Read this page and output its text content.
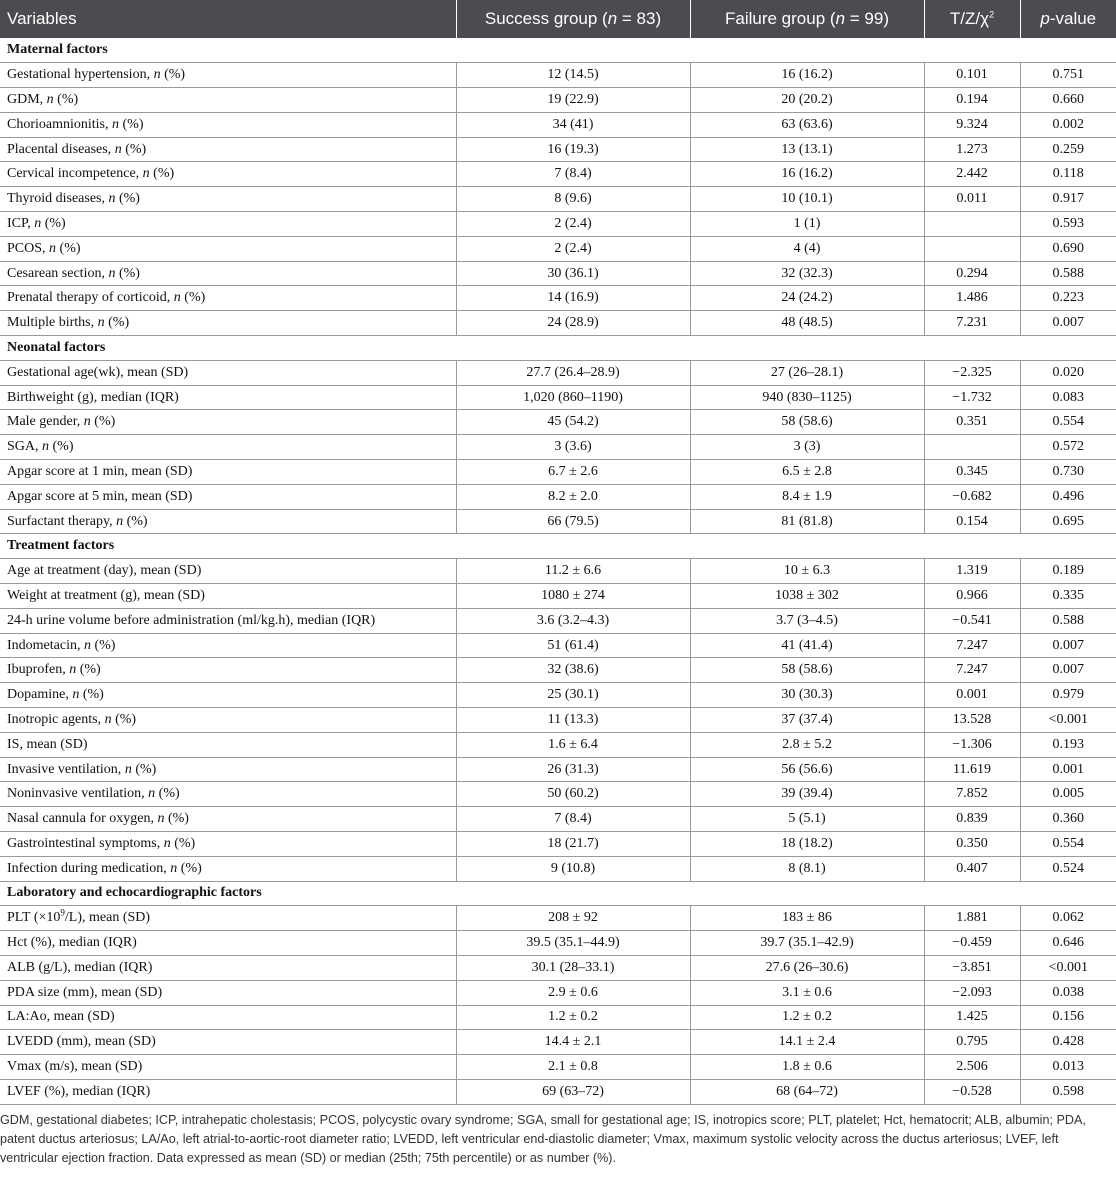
Variables	Success group (n = 83)	Failure group (n = 99)	$T/Z/\chi^2$	p-value
Maternal factors				
Gestational hypertension, n (%)	12 (14.5)	16 (16.2)	0.101	0.751
GDM, n (%)	19 (22.9)	20 (20.2)	0.194	0.660
Chorioamnionitis, n (%)	34 (41)	63 (63.6)	9.324	0.002
Placental diseases, n (%)	16 (19.3)	13 (13.1)	1.273	0.259
Cervical incompetence, n (%)	7 (8.4)	16 (16.2)	2.442	0.118
Thyroid diseases, n (%)	8 (9.6)	10 (10.1)	0.011	0.917
ICP, n (%)	2 (2.4)	1 (1)		0.593
PCOS, n (%)	2 (2.4)	4 (4)		0.690
Cesarean section, n (%)	30 (36.1)	32 (32.3)	0.294	0.588
Prenatal therapy of corticoid, n (%)	14 (16.9)	24 (24.2)	1.486	0.223
Multiple births, n (%)	24 (28.9)	48 (48.5)	7.231	0.007
Neonatal factors				
Gestational age(wk), mean (SD)	27.7 (26.4–28.9)	27 (26–28.1)	−2.325	0.020
Birthweight (g), median (IQR)	1,020 (860–1190)	940 (830–1125)	−1.732	0.083
Male gender, n (%)	45 (54.2)	58 (58.6)	0.351	0.554
SGA, n (%)	3 (3.6)	3 (3)		0.572
Apgar score at 1 min, mean (SD)	6.7 ± 2.6	6.5 ± 2.8	0.345	0.730
Apgar score at 5 min, mean (SD)	8.2 ± 2.0	8.4 ± 1.9	−0.682	0.496
Surfactant therapy, n (%)	66 (79.5)	81 (81.8)	0.154	0.695
Treatment factors				
Age at treatment (day), mean (SD)	11.2 ± 6.6	10 ± 6.3	1.319	0.189
Weight at treatment (g), mean (SD)	1080 ± 274	1038 ± 302	0.966	0.335
24-h urine volume before administration (ml/kg.h), median (IQR)	3.6 (3.2–4.3)	3.7 (3–4.5)	−0.541	0.588
Indometacin, n (%)	51 (61.4)	41 (41.4)	7.247	0.007
Ibuprofen, n (%)	32 (38.6)	58 (58.6)	7.247	0.007
Dopamine, n (%)	25 (30.1)	30 (30.3)	0.001	0.979
Inotropic agents, n (%)	11 (13.3)	37 (37.4)	13.528	<0.001
IS, mean (SD)	1.6 ± 6.4	2.8 ± 5.2	−1.306	0.193
Invasive ventilation, n (%)	26 (31.3)	56 (56.6)	11.619	0.001
Noninvasive ventilation, n (%)	50 (60.2)	39 (39.4)	7.852	0.005
Nasal cannula for oxygen, n (%)	7 (8.4)	5 (5.1)	0.839	0.360
Gastrointestinal symptoms, n (%)	18 (21.7)	18 (18.2)	0.350	0.554
Infection during medication, n (%)	9 (10.8)	8 (8.1)	0.407	0.524
Laboratory and echocardiographic factors				
PLT $(\times 10^9/L)$, mean (SD)	208 ± 92	183 ± 86	1.881	0.062
Hct (%), median (IQR)	39.5 (35.1–44.9)	39.7 (35.1–42.9)	−0.459	0.646
ALB (g/L), median (IQR)	30.1 (28–33.1)	27.6 (26–30.6)	−3.851	<0.001
PDA size (mm), mean (SD)	2.9 ± 0.6	3.1 ± 0.6	−2.093	0.038
LA:Ao, mean (SD)	1.2 ± 0.2	1.2 ± 0.2	1.425	0.156
LVEDD (mm), mean (SD)	14.4 ± 2.1	14.1 ± 2.4	0.795	0.428
Vmax (m/s), mean (SD)	2.1 ± 0.8	1.8 ± 0.6	2.506	0.013
LVEF (%), median (IQR)	69 (63–72)	68 (64–72)	−0.528	0.598

GDM, gestational diabetes; ICP, intrahepatic cholestasis; PCOS, polycystic ovary syndrome; SGA, small for gestational age; IS, inotropics score; PLT, platelet; Hct, hematocrit; ALB, albumin; PDA, patent ductus arteriosus; LA/Ao, left atrial-to-aortic-root diameter ratio; LVEDD, left ventricular end-diastolic diameter; Vmax, maximum systolic velocity across the ductus arteriosus; LVEF, left ventricular ejection fraction. Data expressed as mean (SD) or median (25th; 75th percentile) or as number (%).
